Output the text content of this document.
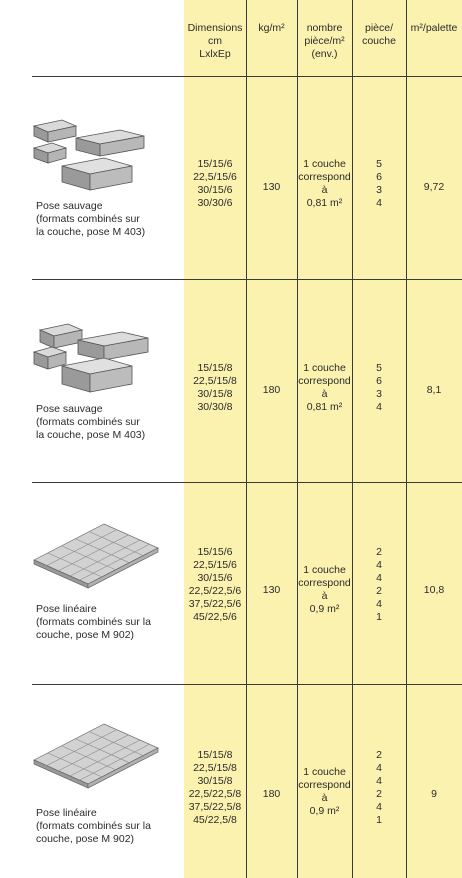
Dimensions
cm
LxlxEp
kg/m²	nombre
pièce/m²
(env.)
pièce/
couche
m²/palette
Pose sauvage
(formats combinés sur
la couche, pose M 403)
15/15/6
22,5/15/6
30/15/6
30/30/6
130
1 couche
correspond
à
0,81 m²
5
6
3
4
9,72
Pose sauvage
(formats combinés sur
la couche, pose M 403)
15/15/8
22,5/15/8
30/15/8
30/30/8
180
1 couche
correspond
à
0,81 m²
5
6
3
4
8,1
Pose linéaire
(formats combinés sur la
couche, pose M 902)
15/15/6
22,5/15/6
30/15/6
22,5/22,5/6
37,5/22,5/6
45/22,5/6
130
1 couche
correspond
à
0,9 m²
2
4
4
2
4
1
10,8
Pose linéaire
(formats combinés sur la
couche, pose M 902)
15/15/8
22,5/15/8
30/15/8
22,5/22,5/8
37,5/22,5/8
45/22,5/8
180
1 couche
correspond
à
0,9 m²
2
4
4
2
4
1
9
